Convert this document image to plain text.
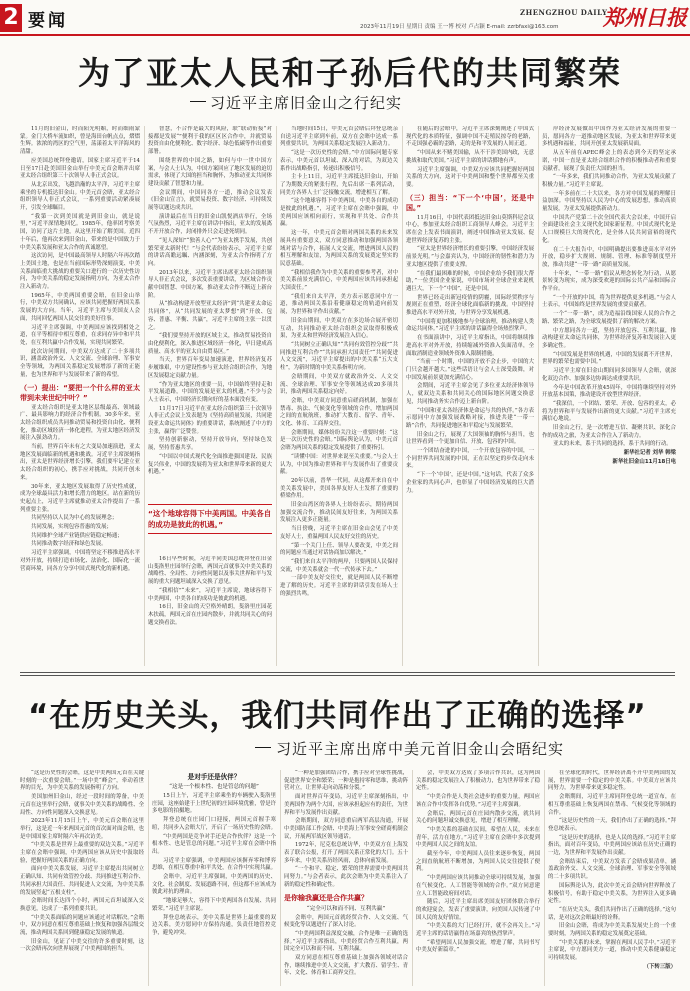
2 要闻	ZHENGZHOU DAILY
郑州日报
2023年11月19日 星期日 责编 王一博 校对 卢占颖 E-mail: zzrbfaxi@163.com
为了亚太人民和子孙后代的共同繁荣
习近平主席旧金山之行纪实

11月的旧金山，时而阳光明媚，时而细雨蒙蒙。金门大桥车流如织，曾是海田台帆点点，熠熠生辉。浓浓的湾区的空气里，荡漾着太平洋海风的清甜。

应美国总统拜登邀请，国家主席习近平于14日至17日赴美国旧金山举行中美元首会晤并出席亚太经合组织第三十次领导人非正式会议。

从北京出发，飞越浩瀚的太平洋，习近平主席乘坐的专机抵达旧金山。中美元首会晤，亚太经合组织领导人非正式会议，一系列重要活动紧凑展开，引发全球瞩目。

“我第一次到美国就是到旧金山，就是说里，”习近平深情地回忆。1985年，他率团考察美国，访问了这片土地，从这里开始了解美国。近四十年后，他再次来到旧金山，带来的是中国致力于中美关系发展和亚太合作的真诚愿望。

这次访问，是中国最高领导人时隔六年再次踏上美国土地，也是在当前国际形势深刻演变、中美关系面临重大挑战的重要关口进行的一次历史性访问，为中美关系的稳定发展指明方向，为亚太合作注入新动力。

1965年，中美两国重要会晤，在旧金山举行，中美双方共同确认，应该共同把握好两国关系发展的大方向。当年，习近平主席与美国友人会面，共同回忆两国人民交往的美好往事。

习近平主席强调，中美两国应该找到相处之道，在平等相待中相互尊重，在求同存异中和平共处，在互利共赢中合作发展，实现共同繁荣。

此次访问期间，中美双方达成了二十多项共识，涵盖政治外交、人文交流、全球治理、军事安全等领域，为两国关系稳定发展增添了新的正能量，也为世界和平与发展带来了新的希望。

（一）提出：“要把一个什么样的亚太带到未来世纪中叶？”

亚太经合组织是亚太地区层级最高、领域最广、最具影响力的经济合作机制。30多年来，亚太经合组织成员共同推动贸易和投资自由化、便利化，推动区域经济一体化进程，为亚太地区经济发展注入强劲动力。

当前，世界百年未有之大变局加速演进，亚太地区发展面临新的机遇和挑战。习近平主席深刻指出，亚太是世界经济增长引擎，我们要牢记建立亚太经合组织的初心，携手应对挑战，共同开创未来。

30年来，亚太地区发展取得了历史性成就，成为全球最具活力和增长潜力的地区。站在新的历史起点上，习近平主席就推动亚太合作提出了一系列重要主张。

共同坚持以人民为中心的发展理念；

共同发展，实现包容普惠的发展；

共同维护全球产业链供应链稳定畅通；

共同推动数字经济和绿色发展。

习近平主席强调，中国将坚定不移推进高水平对外开放，持续打造市场化、法治化、国际化一流营商环境，同各方分享中国式现代化的新机遇。

智慧，不合作是最大的风险，联“联动衔接”对接都是发展“”便利于我的区区区合作中，并就贸易投资自由化便利化、数字经济、绿色低碳等作出重要部署。

围绕世界的中国之路，如何与中一世中国方案，与会人士认为，中国方案回应了地区发展的迫切需求，体现了大国的担当和胸怀，为推动亚太共同体建设贡献了智慧和力量。

会议期间，中国同各方一道，推动会议发表《旧金山宣言》，就贸易投资、数字经济、可持续发展等议题达成共识。

演讲最后在当日的旧金山凯悦酒店举行，全场气氛热烈，习近平主席在讲话中指出，亚太的发展离不开开放合作，封闭排外只会走进死胡同。

“见人深知”“独善人心”“为亚太携手发展，共创繁荣亚太新时代！”与会代表纷纷表示，习近平主席的讲话高瞻远瞩、内涵深刻，为亚太合作指明了方向。

2013年以来，习近平主席出席亚太经合组织领导人非正式会议，多次发表重要讲话，为区域合作贡献中国智慧、中国方案，推动亚太合作不断迈上新台阶。

从“推动构建开放型亚太经济”到“共建亚太命运共同体”，从“共同发展的亚太梦想”到“开放、包容、普惠、平衡、共赢”，习近平主席的主张一以贯之。

“我们要坚持开放的区域主义，推动贸易投资自由化便利化，深入推进区域经济一体化，早日建成高质量、高水平的亚太自由贸易区。”

当天，世界百年变局加速演进，世界经济复苏步履维艰，中方建设性参与亚太经合组织合作，为地区发展稳定贡献力量。

“作为亚太地区的重要一员，中国始终坚持走和平发展道路，中国的发展是亚太的机遇。”不少与会人士表示，中国经济长期向好的基本面没有变。

11月17日习近平在亚太经合组织第三十次领导人非正式会议上发表题为《坚持高质量发展，共同建设亚太命运共同体》的重要讲话，系统阐述了中方的主张，赢得广泛赞誉。

坚持创新驱动，坚持开放导向，坚持绿色发展，坚持普惠共享。

“中国以中国式现代化全面推进强国建设、民族复兴伟业，中国的发展将为亚太和世界带来新的更大机遇。”

“这个地球容得下中美两国。中美各自的成功是彼此的机遇。”

16日早些时候，习近平同美国总统拜登在旧金山斐洛里庄园举行会晤，两国元首就事关中美关系的战略性、全局性、方向性问题以及事关世界和平与发展的重大问题坦诚深入交换了意见。

“我相信”“未来”，习近平主席说，地球容得下中美两国，中美各自的成功是彼此的机遇。

16日，旧金山的天空格外晴朗，斐洛里庄园花木扶疏，两国元首在庄园内散步，并就共同关心的问题交换看法。

当地时间15日，中美元首会晤后拜登总统亲自送习近平主席到车前，双方在会晤中达成一系列重要共识，为两国关系稳定发展注入新动力。

“这是一次历史性的会晤。”中方国际问题专家表示，中美元首以坦诚、深入的对话，为双边关系作出战略指引，传递出积极信号。

主卡上11日，习近平主席抵达旧金山，开始了为期数天的紧张行程，先后出席一系列活动，同美方各界人士广泛接触交流，增进相互了解。

“这个地球容得下中美两国。中美各自的成功是彼此的机遇。”，习近平主席在会晤中强调，中美两国应该相向而行，实现和平共处、合作共赢。

这一年，中美元首会晤对两国关系的未来发展具有重要意义，双方同意推动和加强两国各领域对话与合作，拓展人文交流，增进两国人民的相互理解和友谊，为两国关系的发展奠定坚实的民意基础。

“我相信我作为中美关系的重要参考者，对中美关系前景充满信心，中美两国应该共同承担起大国责任。”

“我们来自太平洋，美方表示愿意同中方一道，推动两国关系沿着健康稳定的轨道向前发展，为世界和平作出贡献。”

旧金山期间，中美双方在多边场合展开密切互动，共同推动亚太经合组织会议取得积极成果，为亚太和世界经济发展注入信心。

“共同树立正确认知”“共同有效管控分歧”“共同推进互利合作”“共同承担大国责任”“共同促进人文交流”，习近平主席提出的中美关系“五大支柱”，为新时期的中美关系指明方向。

会晤期间，中美双方就政治外交、人文交流、全球治理、军事安全等领域达成20多项共识，推动两国关系稳定向好。

会晤，中美双方同意重启磋商机制，加强在禁毒、执法、气候变化等领域的合作，增加两国之间的直航航班，推动扩大教育、留学、青年、文化、体育、工商界交往。

会晤期间，媒体纷纷关注这一重要时刻：“这是一次历史性的会晤。”国际舆论认为，中美元首会晤为两国关系的稳定发展提供了重要指引。

“读懂中国：对世界来说至关重要。”与会人士认为，中国为推动世界和平与发展作出了重要贡献。

20年以前，晋华一代同，从这都开来自在中美关系发展中，美国各界友好人士发挥了重要的桥梁作用。

旧金山湾区的各界人士纷纷表示，期待两国加强交流合作，推动民间友好往来，为两国关系发展注入更多正能量。

当日傍晚，习近平主席在旧金山会见了中美友好人士，重温两国人民友好交往的历史。

“第一个关门上任、领导人要改变，中美之间的问题应当通过对话协商加以解决。”

“我们来自太平洋的两岸，只要两国人民保持交流，中美关系就会一代一代传承下去。”

一部中美友好交往史，就是两国人民不断增进了解的历史。习近平主席的讲话引发在场人士的强烈共鸣。

在随后的会晤中，习近平主席深刻阐述了中国式现代化的本质特征，强调中国不走殖民掠夺的老路，不走国强必霸的歪路，走的是和平发展的人间正道。

“中国从来不赌美国输，从不干涉美国内政，无意挑战和取代美国。”习近平主席的讲话掷地有声。

习近平主席强调，中美双方应该共同把握好两国关系的大方向，这对于中美两国和整个世界都至关重要。

（三）担当：“下一个‘中国’，还是中国。”

11月16日，中国代表团抵达旧金山莫斯科尼会议中心，参加亚太经合组织工商领导人峰会。习近平主席在会上发表书面演讲，阐述中国推动亚太发展、促进世界经济复苏的主张。

“亚太是世界经济增长的重要引擎，中国经济发展前景光明。”与会嘉宾认为，中国经济的韧性和潜力为亚太地区提供了重要支撑。

“在我们最困难的时候，中国企业给予我们很大帮助，”一位美国企业家说，中国市场对全球企业来说机遇巨大，下一个“中国”，还是中国。

世界已经走出新冠疫情的阴霾，国际经贸秩序与规则正在重塑，经济全球化面临新的挑战。中国坚持推进高水平对外开放，与世界分享发展机遇。

“中国将更加积极地参与全球治理，推动构建人类命运共同体。”习近平主席的讲话赢得全场热烈掌声。

在书面演讲中，习近平主席指出，中国将继续推进高水平对外开放，持续缩减外资准入负面清单，全面取消制造业领域外资准入限制措施。

“当前一个时期，中国的开放不会止步，中国的大门只会越开越大。”这些话语让与会人士深受鼓舞，对中国发展前景更加充满信心。

会期间，习近平主席会见了多位亚太经济体领导人，就双边关系和共同关心的国际地区问题交换意见，共同推动务实合作迈上新台阶。

“中国和亚太各经济体是命运与共的伙伴。”各方表示愿同中方加强发展战略对接，推进共建“一带一路”合作，共同促进地区和平稳定与发展繁荣。

旧金山之行，展现了大国领袖的胸怀与担当，也让世界看到一个更加自信、开放、包容的中国。

一个团结奋进的中国，一个开放包容的中国，一个同世界共同发展的中国，正在以坚定的步伐走向未来。

“下一个‘中国’，还是中国。”这句话，代表了众多企业家的共同心声，也彰显了中国经济发展的巨大潜力。

岸经济发展做出中国作为亚太经济发展的重要一员，愿同各方一道推动地区发展，为亚太和世界带来更多机遇和福祉，共同开创亚太发展新局面。

从五年前在APEC峰会上的表态到今天的坚定承诺，中国一直是亚太经合组织合作的积极推动者和重要贡献者，展现了负责任大国的担当。

“一年多来，我们共同推动合作，为亚太发展贡献了积极力量。”习近平主席说。

一年多前在二十大以来，各方对中国发展的理解日益加深。中国坚持以人民为中心的发展思想，推动高质量发展，为亚太发展提供新动力。

中国共产党第二十次全国代表大会以来，中国开启全面建设社会主义现代化国家新征程。中国式现代化是人口规模巨大的现代化，是全体人民共同富裕的现代化。

在二十大报告中，中国明确提出要推进高水平对外开放，稳步扩大规则、规制、管理、标准等制度型开放，推动共建“一带一路”高质量发展。

十年来，“一带一路”倡议从理念转化为行动，从愿景转变为现实，成为深受欢迎的国际公共产品和国际合作平台。

“一个开放的中国，将为世界提供更多机遇。”与会人士表示，中国始终是世界发展的重要贡献者。

一个“一带一路”，成为造福沿线国家人民的合作之路、繁荣之路，为全球发展提供了新的解决方案。

中方愿同各方一道，坚持开放包容、互利共赢，推动构建亚太命运共同体，为世界经济复苏和发展注入更多确定性。

“中国发展是世界的机遇，中国的发展离不开世界，世界的繁荣也需要中国。”

习近平主席在旧金山期间同多国领导人会晤，就深化双边合作、加强多边协调达成重要共识。

今年是中国改革开放45周年，中国将继续坚持对外开放基本国策，推动建设开放型世界经济。

“我深信，一个团结、繁荣、开放、包容的亚太，必将为世界和平与发展作出新的更大贡献。”习近平主席充满信心地说。

旧金山之行，是一次增进互信、凝聚共识、深化合作的成功之旅，为亚太合作注入了新动力。

亚太的未来，系于共同的选择，系于共同的行动。

新华社记者 刘华 韩梁

新华社旧金山11月18日电

“在历史关头，我们共同作出了正确的选择”
习近平主席出席中美元首旧金山会晤纪实

“这是历史性的会晤，这是中美两国元首在关键时刻的一次重要会晤。”一场中美“峰会”，牵动着世界的目光，为中美关系的发展指明了方向。

美国加州旧金山，经过一段时间的筹备，中美元首在这里举行会晤，就事关中美关系的战略性、全局性、方向性问题深入交换意见。

2023年11月15日上午，中美元首会晤在这里举行，这是近一年来两国元首的首次面对面会晤，也是中国国家主席时隔六年再次访美。

“中美关系是世界上最重要的双边关系。”习近平主席在会晤中强调，中美两国应该从历史中汲取经验，把握好两国关系的正确方向。

面向中美关系发展，习近平主席提出共同树立正确认知、共同有效管控分歧、共同推进互利合作、共同承担大国责任、共同促进人文交流，为中美关系的发展竖起“五根支柱”。

会晤时间长达四个小时，两国元首坦诚深入交换意见，达成了一系列重要共识。

“中美关系面临的问题应该通过对话解决。”会晤中，双方同意在相互尊重基础上恢复和加强各层级交流，推动两国关系回到健康稳定发展的轨道。

旧金山，见证了中美交往的许多重要时刻，这一次会晤再次向世界展现了中美两国的担当。

是对手还是伙伴？

“这是一个根本性、也是管总的问题”

15日上午，习近平主席乘坐的车辆驶入斐洛里庄园，这座始建于上世纪初的庄园环境优雅，曾是许多电影的拍摄地。

拜登总统在庄园门口迎接，两国元首握手寒暄，共同步入会晤大厅，开启了一场历史性的会晤。

“中美两国是竞争对手还是合作伙伴？这是一个根本性、也是管总的问题。”习近平主席在会晤中指出。

习近平主席强调，中美两国应该摒弃零和博弈思维，在相互尊重中和平共处，在合作中实现共赢。

会晤中，习近平主席强调，中美两国的历史、文化、社会制度、发展道路不同，但这都不应该成为彼此对抗的理由。

“地球足够大，容得下中美两国各自发展、共同繁荣。”习近平主席说。

拜登总统表示，美中关系是世界上最重要的双边关系，美方愿同中方保持沟通，负责任地管控竞争，避免冲突。

“一种是加强团结合作，携手应对全球性挑战，促进世界安全和繁荣；一种是抱持零和思维，挑动阵营对立，让世界走向动荡和分裂。”

面对世界百年变局，习近平主席深刻指出，中美两国作为两个大国，应该承担起应有的责任，为世界和平与发展作出贡献。

会晤期间，双方同意重启两军高层沟通，开展中美国防部工作会晤、中美海上军事安全磋商机制会议，开展两军战区领导通话。

1972年，尼克松总统访华，中美双方在上海发表了联合公报，打开了两国关系正常化的大门。五十多年来，中美关系历经风雨，总体向前发展。

“一个和平、稳定、繁荣的世界需要中美两国共同努力。”与会者表示，此次会晤为中美关系注入了新的稳定性和确定性。

是你输我赢还是合作共赢？

“完全可以和而不同、互利共赢”

会晤中，两国元首就经贸合作、人文交流、气候变化等议题进行了深入讨论。

“中美两国利益深度交融，合作是唯一正确的选择。”习近平主席指出，中美经贸合作互利共赢，两国完全可以和而不同、互利共赢。

双方同意在相互尊重基础上加强各领域对话合作，继续推进中美人文交流，扩大教育、留学生、青年、文化、体育和工商界交往。

会，中美双方达成了多项合作共识，这为两国关系的稳定发展注入了积极动力，也为世界带来了稳定性。

“中美合作是人类社会进步的重要力量，两国应该在合作中发挥各自优势。”习近平主席强调。

会晤后，两国元首在庄园内散步交流，就共同关心的问题坦诚交换意见，增进了相互理解。

“中美关系的基础在民间，希望在人民，未来在青年，活力在地方。”习近平主席在会晤中多次提到中美两国人民之间的友谊。

截至今年，中美两国人员往来逐步恢复，两国之间直航航班不断增加，为两国人民交往提供了便利。

“中美两国应该共同推动全球可持续发展，加强在气候变化、人工智能等领域的合作。”双方同意建立人工智能政府间对话。

随后，习近平主席出席美国友好团体联合举行的欢迎宴会，发表了重要演讲，向美国人民传递了中国人民的友好情谊。

“中美关系的大门已经打开，就不会再关上。”习近平主席的话语赢得在场嘉宾的热烈掌声。

“希望两国人民加强交流，增进了解，共同书写中美友好新篇章。”

在全球化的时代，世界经济离不开中美两国的发展，世界需要一个稳定的中美关系。中美双方应该共同努力，为世界带来更多稳定性。

会晤期间，习近平主席同拜登总统一道宣布，在相互尊重基础上恢复两国在禁毒、气候变化等领域的合作。

“这是历史性的一天，我们作出了正确的选择。”拜登总统表示。

“这是历史的选择，也是人民的选择。”习近平主席指出，面对百年变局，中美两国应该站在历史正确的一边，为世界和平发展作出贡献。

会晤结束后，中美双方发表了会晤成果清单，涵盖政治外交、人文交流、全球治理、军事安全等领域的二十多项共识。

国际舆论认为，此次中美元首会晤向世界释放了积极信号，有助于稳定中美关系，为世界注入更多确定性。

“在历史关头，我们共同作出了正确的选择。”这句话，是对这次会晤最好的诠释。

旧金山会晤，将成为中美关系发展史上的一个重要时刻，为两国关系的稳定发展奠定基础。

“中美关系的未来，掌握在两国人民手中。”习近平主席说，中方愿同美方一道，推动中美关系健康稳定可持续发展。

（下转三版）
